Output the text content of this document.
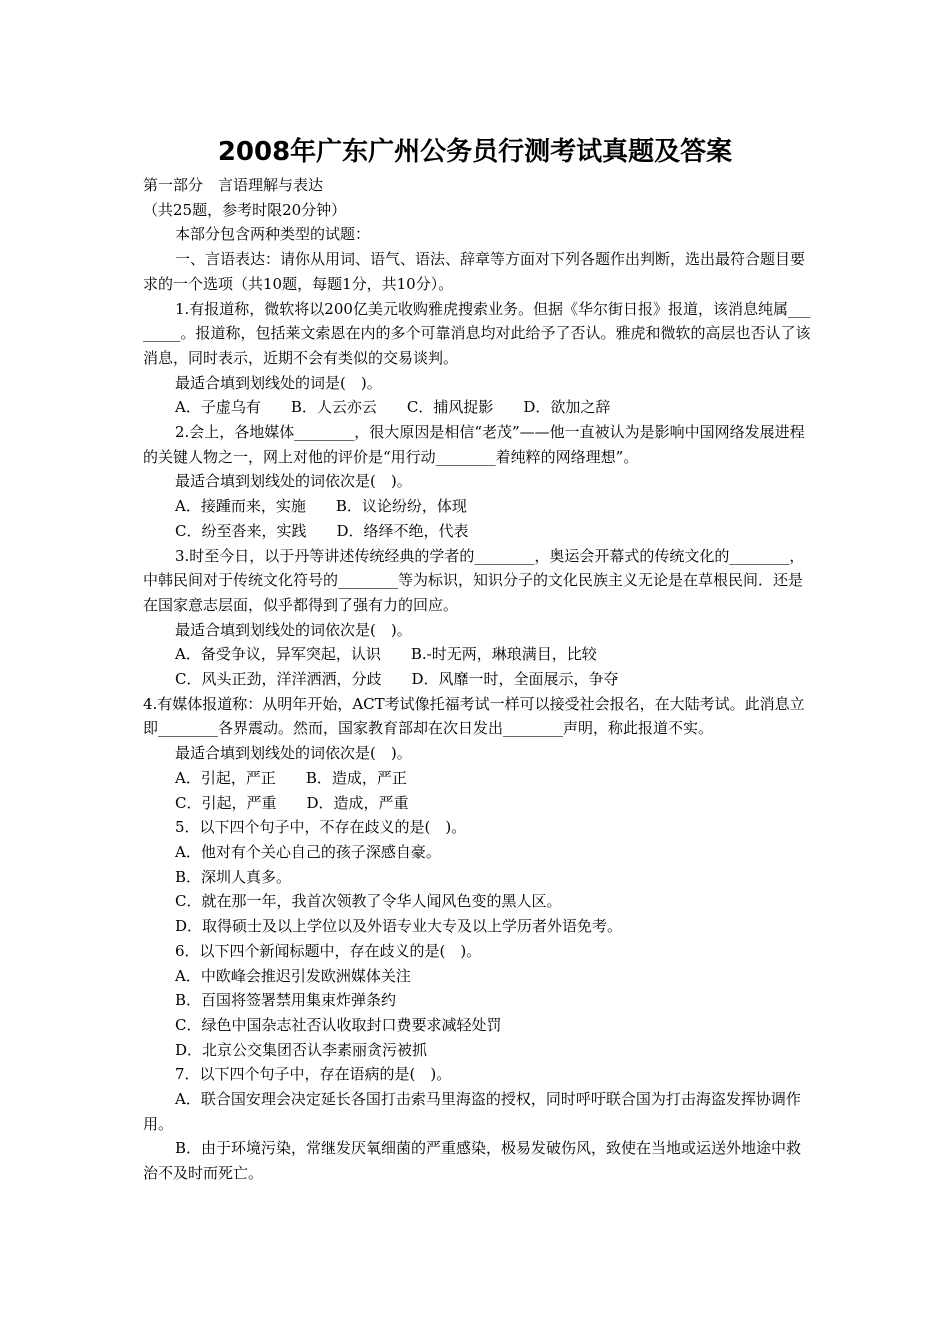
2008年广东广州公务员行测考试真题及答案

第一部分　言语理解与表达

（共25题，参考时限20分钟）

本部分包含两种类型的试题：

一、言语表达：请你从用词、语气、语法、辞章等方面对下列各题作出判断，选出最符合题目要求的一个选项（共10题，每题1分，共10分）。

1.有报道称，微软将以200亿美元收购雅虎搜索业务。但据《华尔街日报》报道，该消息纯属________。报道称，包括莱文索恩在内的多个可靠消息均对此给予了否认。雅虎和微软的高层也否认了该消息，同时表示，近期不会有类似的交易谈判。

最适合填到划线处的词是(　)。

A．子虚乌有　　B．人云亦云　　C．捕风捉影　　D．欲加之辞

2.会上，各地媒体________，很大原因是相信“老茂”——他一直被认为是影响中国网络发展进程的关键人物之一，网上对他的评价是“用行动________着纯粹的网络理想”。

最适合填到划线处的词依次是(　)。

A．接踵而来，实施　　B．议论纷纷，体现

C．纷至沓来，实践　　D．络绎不绝，代表

3.时至今日，以于丹等讲述传统经典的学者的________，奥运会开幕式的传统文化的________，中韩民间对于传统文化符号的________等为标识，知识分子的文化民族主义无论是在草根民间．还是在国家意志层面，似乎都得到了强有力的回应。

最适合填到划线处的词依次是(　)。

A．备受争议，异军突起，认识　　B.-时无两，琳琅满目，比较

C．风头正劲，洋洋洒洒，分歧　　D．风靡一时，全面展示，争夺

4.有媒体报道称：从明年开始，ACT考试像托福考试一样可以接受社会报名，在大陆考试。此消息立即________各界震动。然而，国家教育部却在次日发出________声明，称此报道不实。

最适合填到划线处的词依次是(　)。

A．引起，严正　　B．造成，严正

C．引起，严重　　D．造成，严重

5．以下四个句子中，不存在歧义的是(　)。

A．他对有个关心自己的孩子深感自豪。

B．深圳人真多。

C．就在那一年，我首次领教了令华人闻风色变的黑人区。

D．取得硕士及以上学位以及外语专业大专及以上学历者外语免考。

6．以下四个新闻标题中，存在歧义的是(　)。

A．中欧峰会推迟引发欧洲媒体关注

B．百国将签署禁用集束炸弹条约

C．绿色中国杂志社否认收取封口费要求减轻处罚

D．北京公交集团否认李素丽贪污被抓

7．以下四个句子中，存在语病的是(　)。

A．联合国安理会决定延长各国打击索马里海盗的授权，同时呼吁联合国为打击海盗发挥协调作用。

B．由于环境污染，常继发厌氧细菌的严重感染，极易发破伤风，致使在当地或运送外地途中救治不及时而死亡。
